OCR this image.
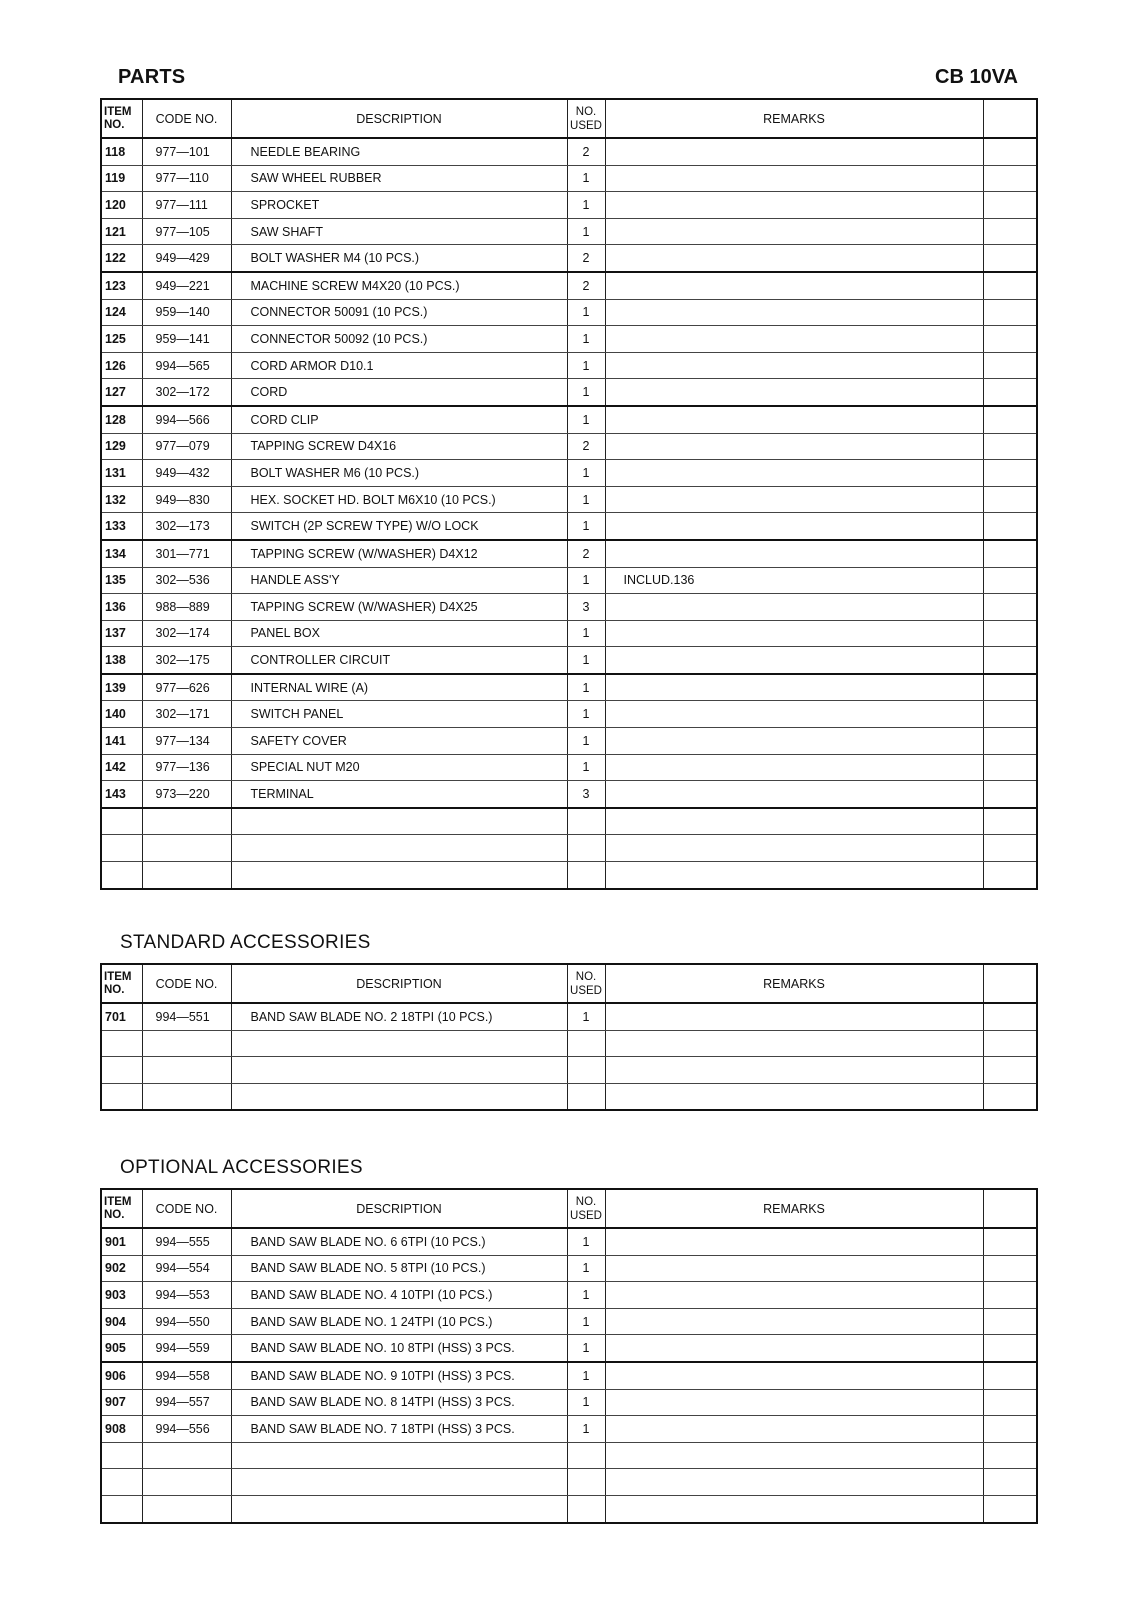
PARTS	CB 10VA
ITEM
NO.	CODE NO.	DESCRIPTION	NO.
USED	REMARKS	
118	977—101	NEEDLE BEARING	2		
119	977—110	SAW WHEEL RUBBER	1		
120	977—111	SPROCKET	1		
121	977—105	SAW SHAFT	1		
122	949—429	BOLT WASHER M4 (10 PCS.)	2		
123	949—221	MACHINE SCREW M4X20 (10 PCS.)	2		
124	959—140	CONNECTOR 50091 (10 PCS.)	1		
125	959—141	CONNECTOR 50092 (10 PCS.)	1		
126	994—565	CORD ARMOR D10.1	1		
127	302—172	CORD	1		
128	994—566	CORD CLIP	1		
129	977—079	TAPPING SCREW D4X16	2		
131	949—432	BOLT WASHER M6 (10 PCS.)	1		
132	949—830	HEX. SOCKET HD. BOLT M6X10 (10 PCS.)	1		
133	302—173	SWITCH (2P SCREW TYPE) W/O LOCK	1		
134	301—771	TAPPING SCREW (W/WASHER) D4X12	2		
135	302—536	HANDLE ASS'Y	1	INCLUD.136	
136	988—889	TAPPING SCREW (W/WASHER) D4X25	3		
137	302—174	PANEL BOX	1		
138	302—175	CONTROLLER CIRCUIT	1		
139	977—626	INTERNAL WIRE (A)	1		
140	302—171	SWITCH PANEL	1		
141	977—134	SAFETY COVER	1		
142	977—136	SPECIAL NUT M20	1		
143	973—220	TERMINAL	3		

STANDARD ACCESSORIES
ITEM
NO.	CODE NO.	DESCRIPTION	NO.
USED	REMARKS	
701	994—551	BAND SAW BLADE NO. 2 18TPI (10 PCS.)	1		

OPTIONAL ACCESSORIES
ITEM
NO.	CODE NO.	DESCRIPTION	NO.
USED	REMARKS	
901	994—555	BAND SAW BLADE NO. 6 6TPI (10 PCS.)	1		
902	994—554	BAND SAW BLADE NO. 5 8TPI (10 PCS.)	1		
903	994—553	BAND SAW BLADE NO. 4 10TPI (10 PCS.)	1		
904	994—550	BAND SAW BLADE NO. 1 24TPI (10 PCS.)	1		
905	994—559	BAND SAW BLADE NO. 10 8TPI (HSS) 3 PCS.	1		
906	994—558	BAND SAW BLADE NO. 9 10TPI (HSS) 3 PCS.	1		
907	994—557	BAND SAW BLADE NO. 8 14TPI (HSS) 3 PCS.	1		
908	994—556	BAND SAW BLADE NO. 7 18TPI (HSS) 3 PCS.	1		
